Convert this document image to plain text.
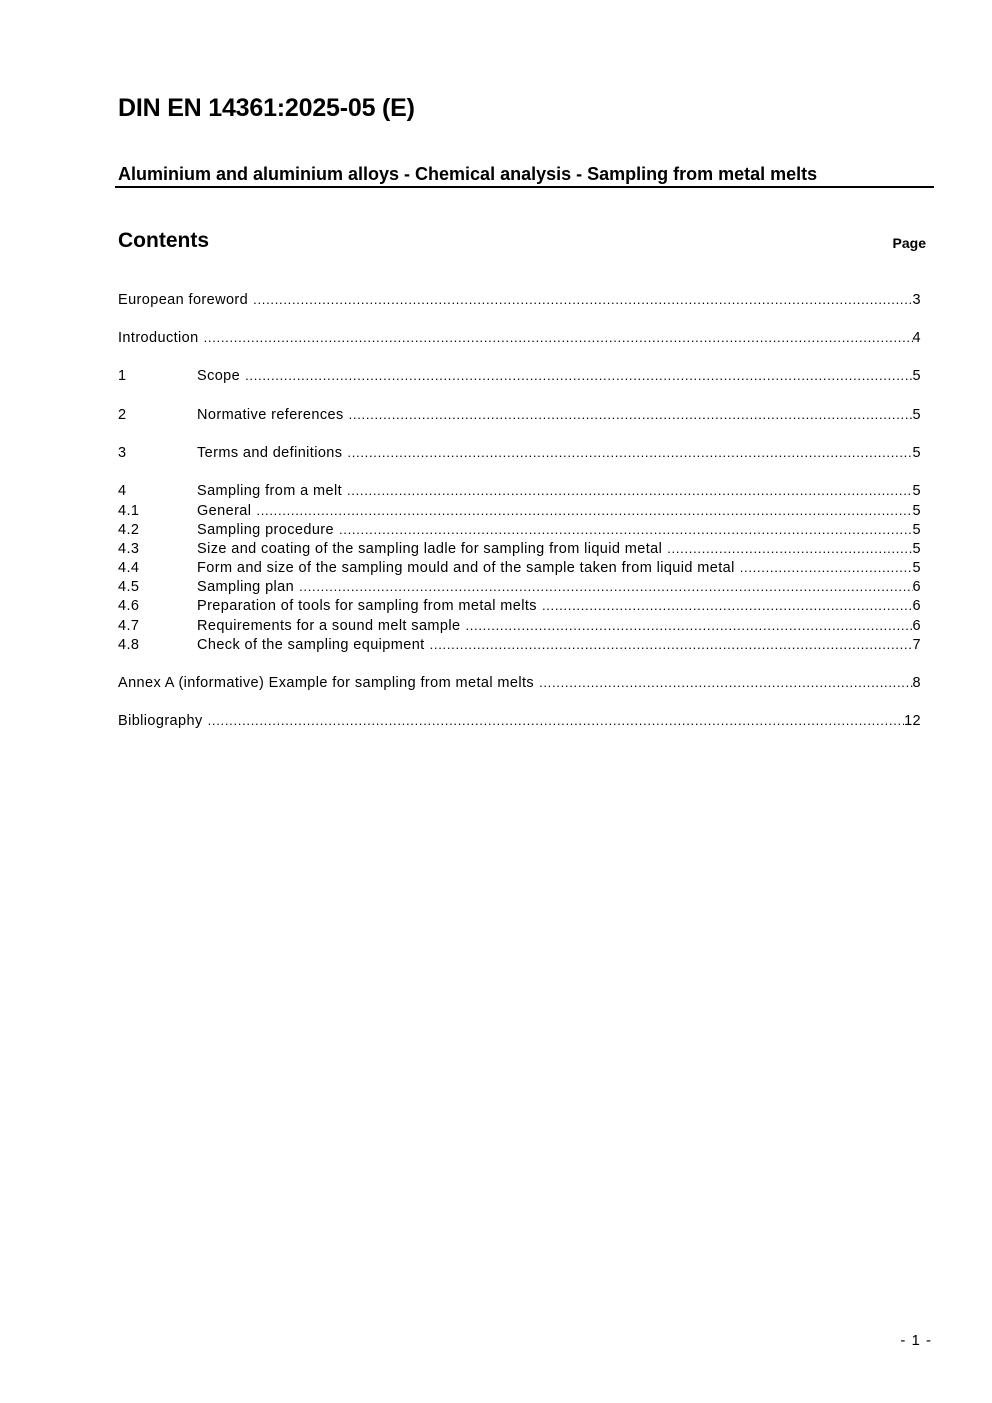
DIN EN 14361:2025-05 (E)
Aluminium and aluminium alloys - Chemical analysis - Sampling from metal melts
Contents	Page
European foreword .....	3
Introduction .....	4
1	Scope .....	5
2	Normative references .....	5
3	Terms and definitions .....	5
4	Sampling from a melt .....	5
4.1	General .....	5
4.2	Sampling procedure .....	5
4.3	Size and coating of the sampling ladle for sampling from liquid metal .....	5
4.4	Form and size of the sampling mould and of the sample taken from liquid metal .....	5
4.5	Sampling plan .....	6
4.6	Preparation of tools for sampling from metal melts .....	6
4.7	Requirements for a sound melt sample .....	6
4.8	Check of the sampling equipment .....	7
Annex A (informative) Example for sampling from metal melts .....	8
Bibliography .....	12
- 1 -
